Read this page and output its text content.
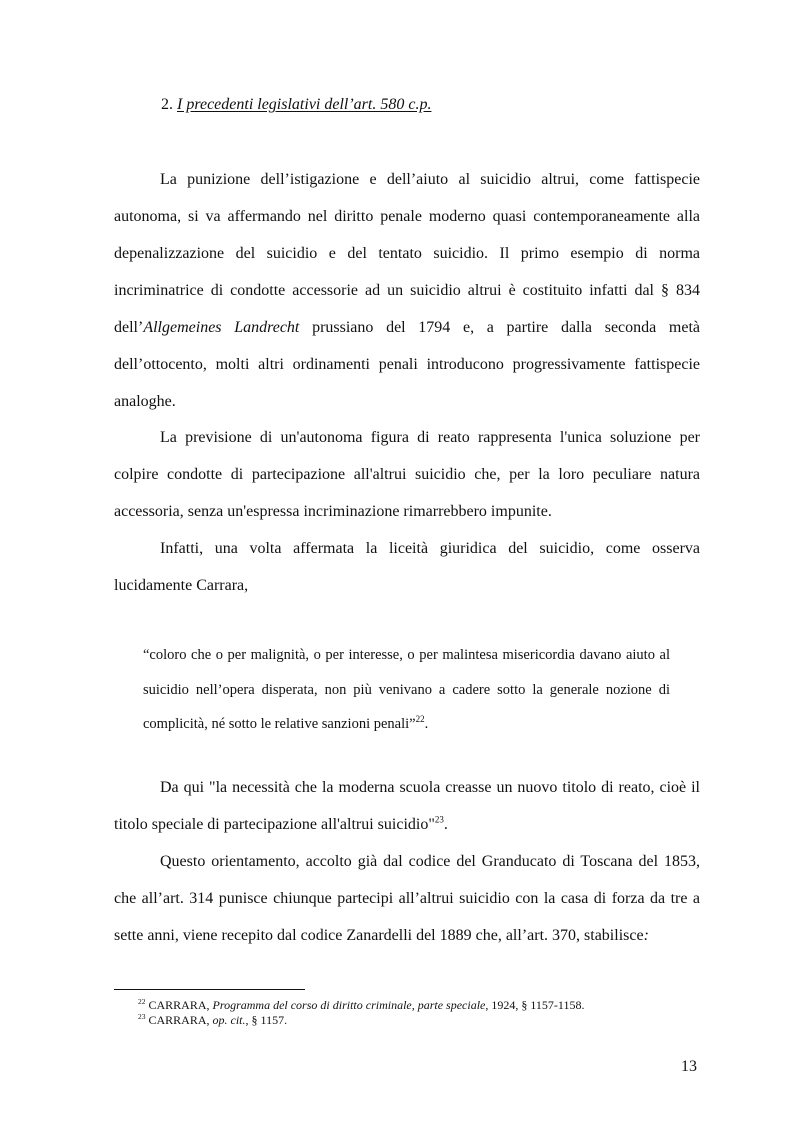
2. I precedenti legislativi dell’art. 580 c.p.

La punizione dell’istigazione e dell’aiuto al suicidio altrui, come fattispecie autonoma, si va affermando nel diritto penale moderno quasi contemporaneamente alla depenalizzazione del suicidio e del tentato suicidio. Il primo esempio di norma incriminatrice di condotte accessorie ad un suicidio altrui è costituito infatti dal § 834 dell’Allgemeines Landrecht prussiano del 1794 e, a partire dalla seconda metà dell’ottocento, molti altri ordinamenti penali introducono progressivamente fattispecie analoghe.

La previsione di un'autonoma figura di reato rappresenta l'unica soluzione per colpire condotte di partecipazione all'altrui suicidio che, per la loro peculiare natura accessoria, senza un'espressa incriminazione rimarrebbero impunite.

Infatti, una volta affermata la liceità giuridica del suicidio, come osserva lucidamente Carrara,

“coloro che o per malignità, o per interesse, o per malintesa misericordia davano aiuto al suicidio nell’opera disperata, non più venivano a cadere sotto la generale nozione di complicità, né sotto le relative sanzioni penali”$^{22}$.

Da qui "la necessità che la moderna scuola creasse un nuovo titolo di reato, cioè il titolo speciale di partecipazione all'altrui suicidio"$^{23}$.

Questo orientamento, accolto già dal codice del Granducato di Toscana del 1853, che all’art. 314 punisce chiunque partecipi all’altrui suicidio con la casa di forza da tre a sette anni, viene recepito dal codice Zanardelli del 1889 che, all’art. 370, stabilisce:

$^{22}$ CARRARA, Programma del corso di diritto criminale, parte speciale, 1924, § 1157-1158.
$^{23}$ CARRARA, op. cit., § 1157.
13
